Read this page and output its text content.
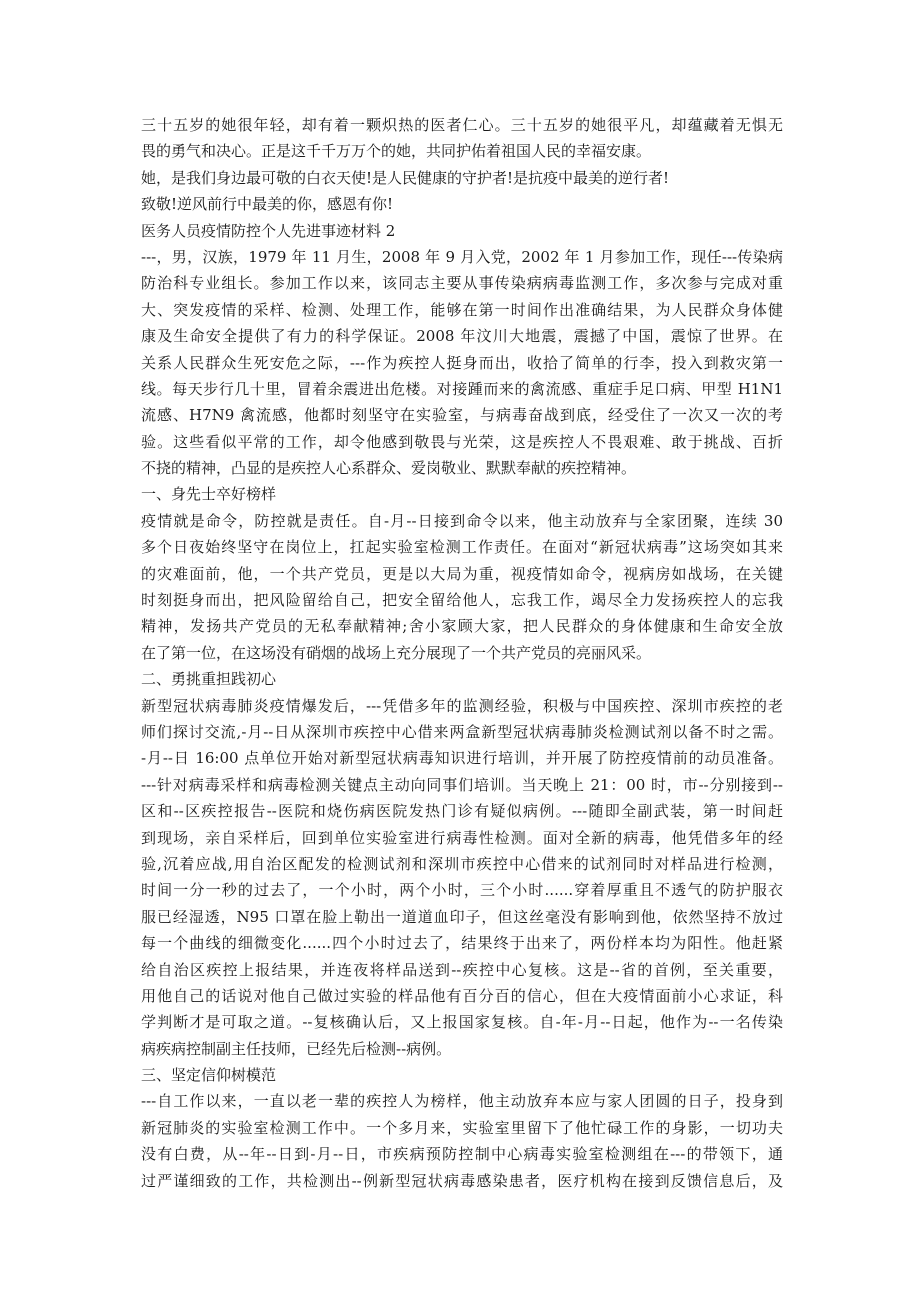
三十五岁的她很年轻，却有着一颗炽热的医者仁心。三十五岁的她很平凡，却蕴藏着无惧无
畏的勇气和决心。正是这千千万万个的她，共同护佑着祖国人民的幸福安康。
她，是我们身边最可敬的白衣天使!是人民健康的守护者!是抗疫中最美的逆行者!
致敬!逆风前行中最美的你，感恩有你!
医务人员疫情防控个人先进事迹材料 2
---，男，汉族，1979 年 11 月生，2008 年 9 月入党，2002 年 1 月参加工作，现任---传染病
防治科专业组长。参加工作以来，该同志主要从事传染病病毒监测工作，多次参与完成对重
大、突发疫情的采样、检测、处理工作，能够在第一时间作出准确结果，为人民群众身体健
康及生命安全提供了有力的科学保证。2008 年汶川大地震，震撼了中国，震惊了世界。在
关系人民群众生死安危之际，---作为疾控人挺身而出，收拾了简单的行李，投入到救灾第一
线。每天步行几十里，冒着余震进出危楼。对接踵而来的禽流感、重症手足口病、甲型 H1N1
流感、H7N9 禽流感，他都时刻坚守在实验室，与病毒奋战到底，经受住了一次又一次的考
验。这些看似平常的工作，却令他感到敬畏与光荣，这是疾控人不畏艰难、敢于挑战、百折
不挠的精神，凸显的是疾控人心系群众、爱岗敬业、默默奉献的疾控精神。
一、身先士卒好榜样
疫情就是命令，防控就是责任。自-月--日接到命令以来，他主动放弃与全家团聚，连续 30
多个日夜始终坚守在岗位上，扛起实验室检测工作责任。在面对“新冠状病毒”这场突如其来
的灾难面前，他，一个共产党员，更是以大局为重，视疫情如命令，视病房如战场，在关键
时刻挺身而出，把风险留给自己，把安全留给他人，忘我工作，竭尽全力发扬疾控人的忘我
精神，发扬共产党员的无私奉献精神;舍小家顾大家，把人民群众的身体健康和生命安全放
在了第一位，在这场没有硝烟的战场上充分展现了一个共产党员的亮丽风采。
二、勇挑重担践初心
新型冠状病毒肺炎疫情爆发后，---凭借多年的监测经验，积极与中国疾控、深圳市疾控的老
师们探讨交流,-月--日从深圳市疾控中心借来两盒新型冠状病毒肺炎检测试剂以备不时之需。
-月--日 16:00 点单位开始对新型冠状病毒知识进行培训，并开展了防控疫情前的动员准备。
---针对病毒采样和病毒检测关键点主动向同事们培训。当天晚上 21：00 时，市--分别接到--
区和--区疾控报告--医院和烧伤病医院发热门诊有疑似病例。---随即全副武装，第一时间赶
到现场，亲自采样后，回到单位实验室进行病毒性检测。面对全新的病毒，他凭借多年的经
验,沉着应战,用自治区配发的检测试剂和深圳市疾控中心借来的试剂同时对样品进行检测，
时间一分一秒的过去了，一个小时，两个小时，三个小时......穿着厚重且不透气的防护服衣
服已经湿透，N95 口罩在脸上勒出一道道血印子，但这丝毫没有影响到他，依然坚持不放过
每一个曲线的细微变化......四个小时过去了，结果终于出来了，两份样本均为阳性。他赶紧
给自治区疾控上报结果，并连夜将样品送到--疾控中心复核。这是--省的首例，至关重要，
用他自己的话说对他自己做过实验的样品他有百分百的信心，但在大疫情面前小心求证，科
学判断才是可取之道。--复核确认后，又上报国家复核。自-年-月--日起，他作为--一名传染
病疾病控制副主任技师，已经先后检测--病例。
三、坚定信仰树模范
---自工作以来，一直以老一辈的疾控人为榜样，他主动放弃本应与家人团圆的日子，投身到
新冠肺炎的实验室检测工作中。一个多月来，实验室里留下了他忙碌工作的身影，一切功夫
没有白费，从--年--日到-月--日，市疾病预防控制中心病毒实验室检测组在---的带领下，通
过严谨细致的工作，共检测出--例新型冠状病毒感染患者，医疗机构在接到反馈信息后，及
